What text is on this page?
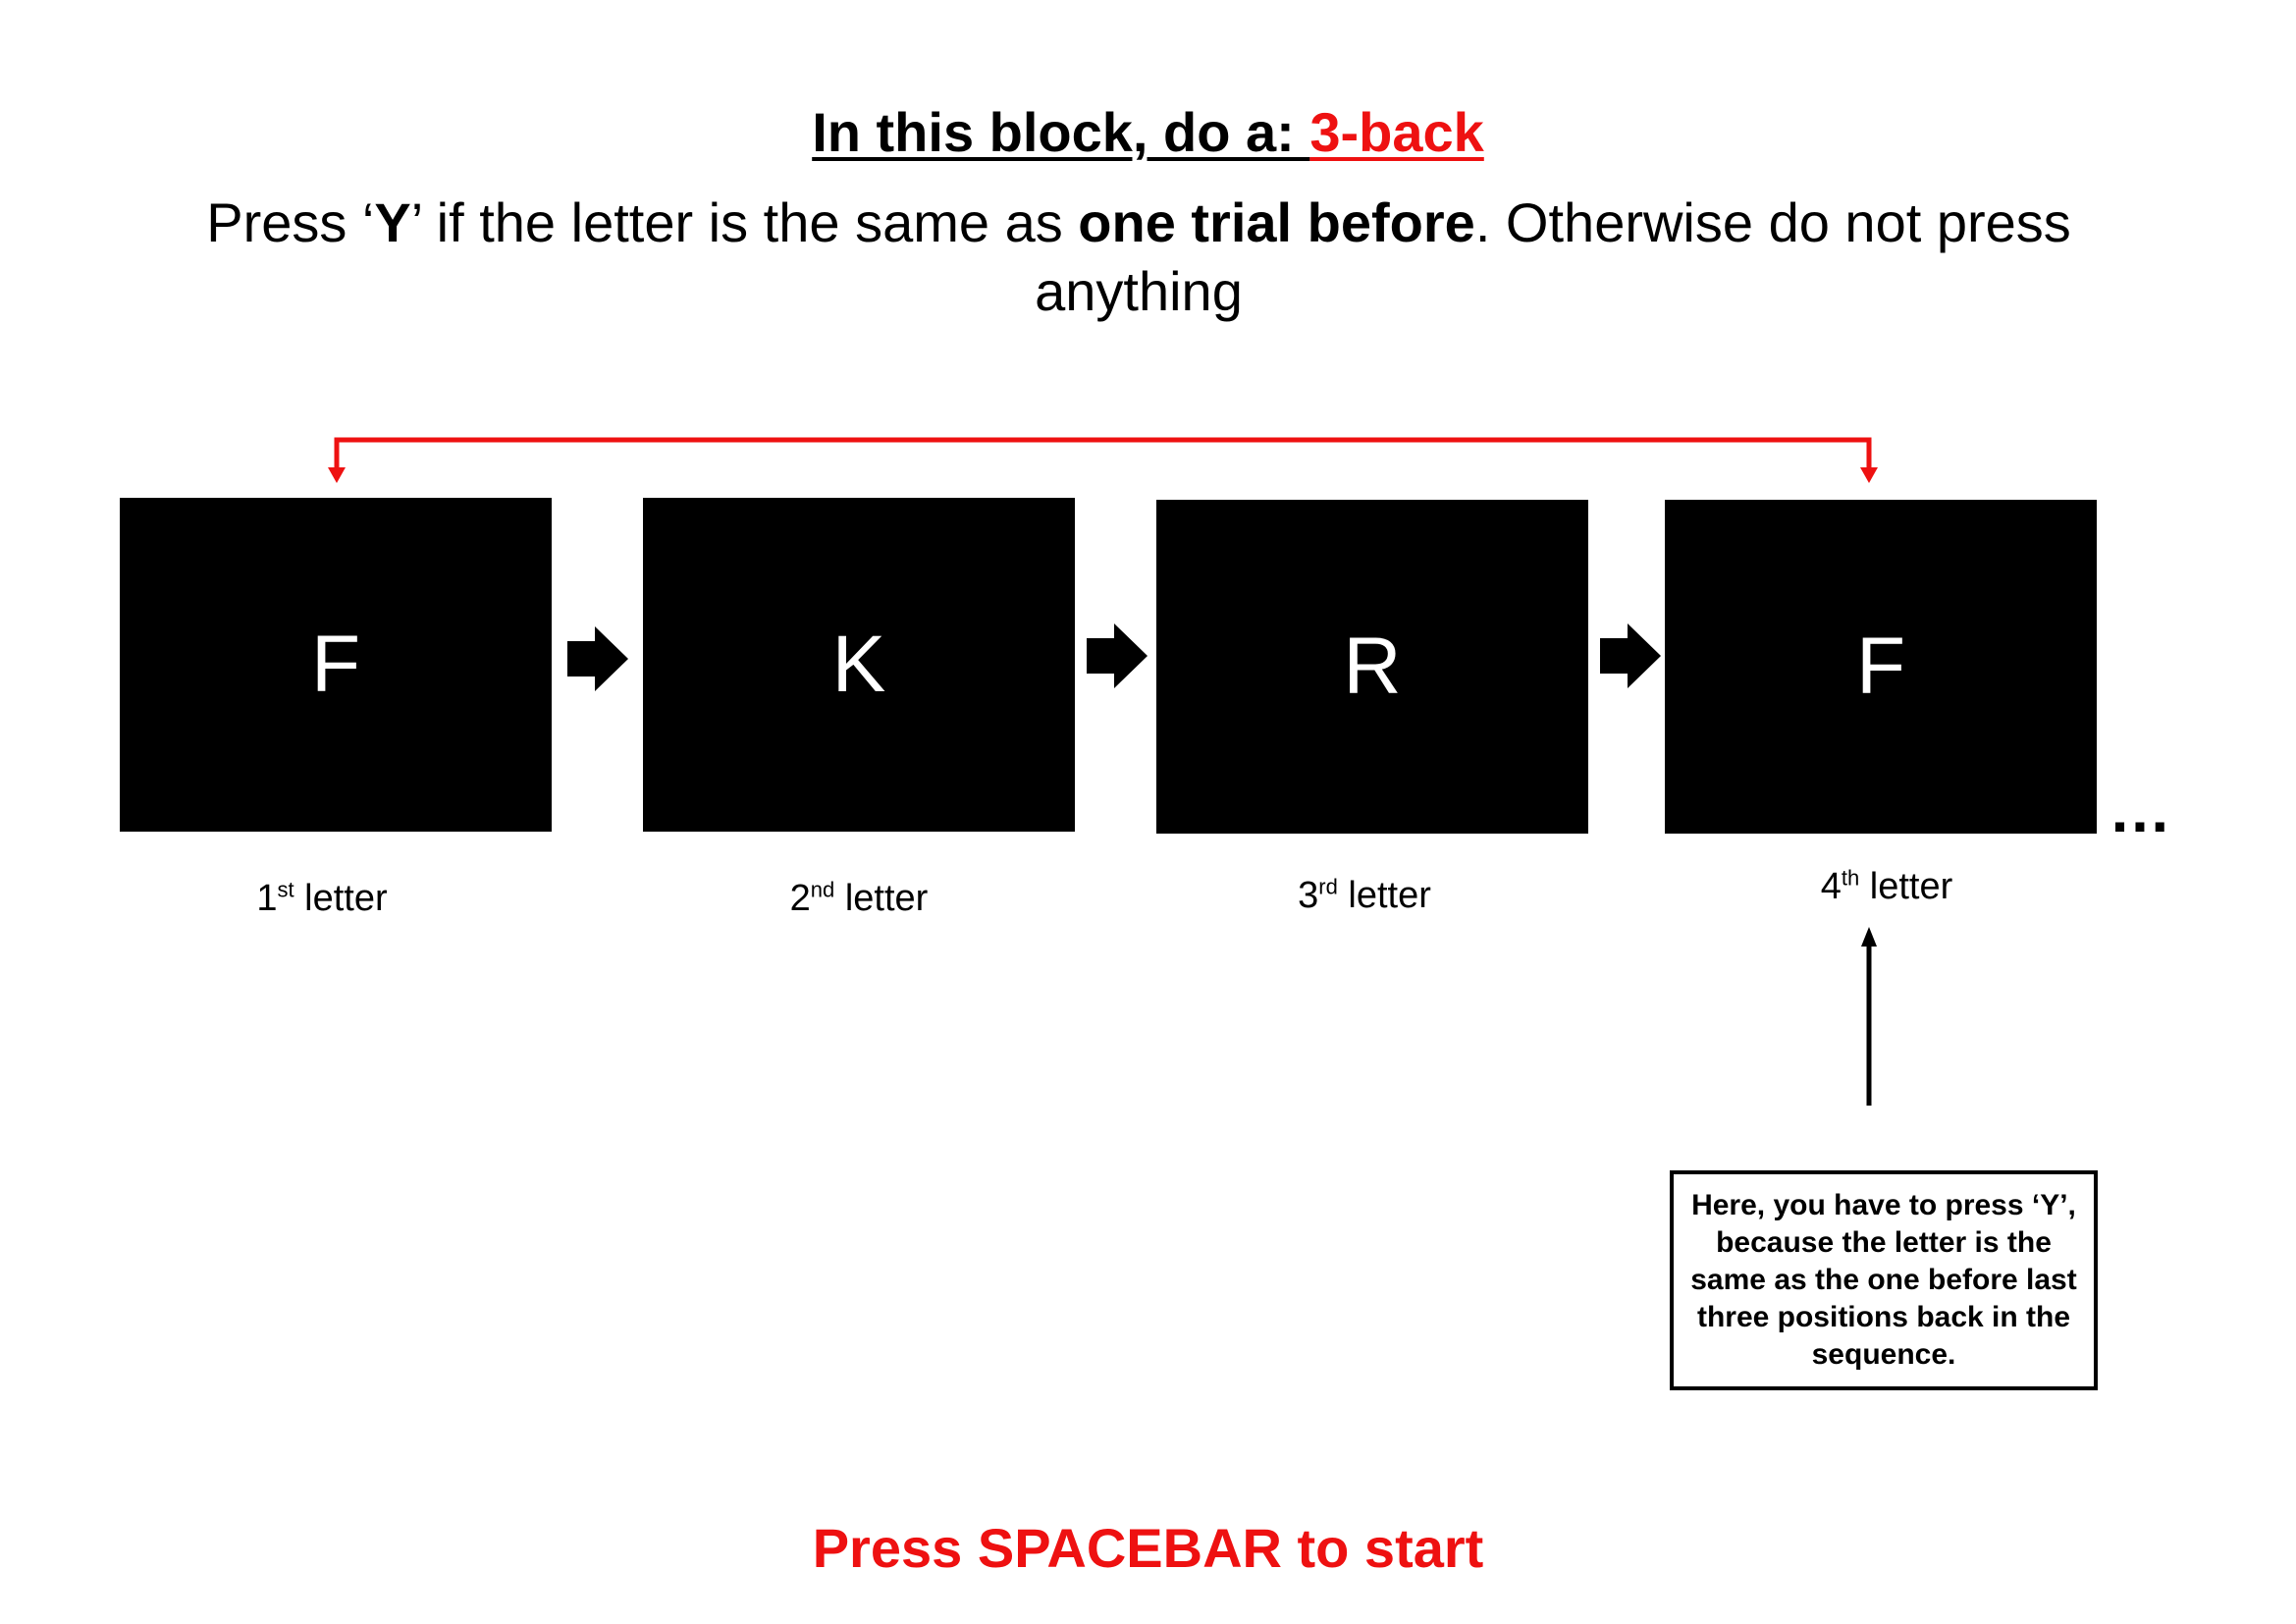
In this block, do a: 3-back
Press ‘Y’ if the letter is the same as one trial before. Otherwise do not press anything
F	K	R	F
1st letter	2nd letter	3rd letter	4th letter
…
Here, you have to press ‘Y’, because the letter is the same as the one before last three positions back in the sequence.
Press SPACEBAR to start
